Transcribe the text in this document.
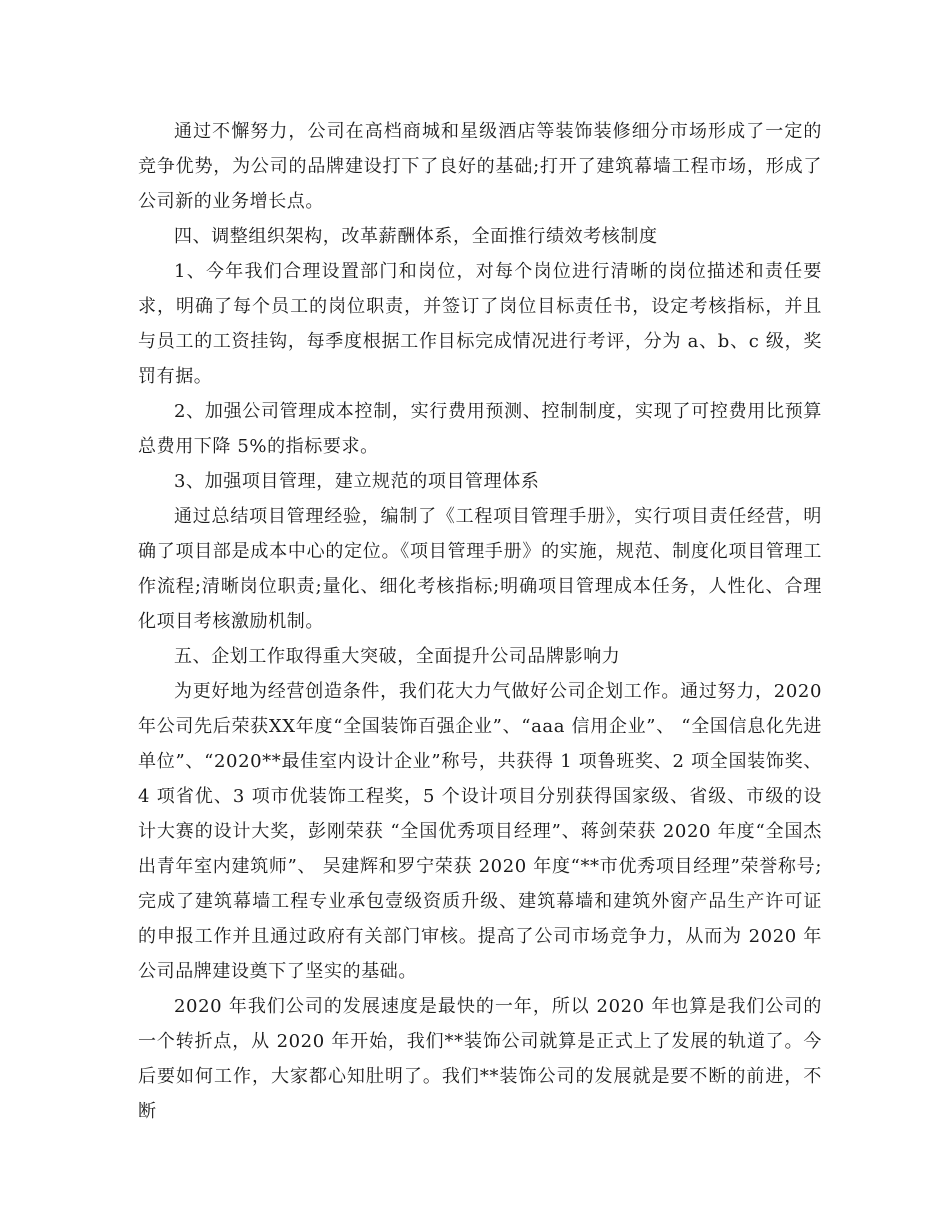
通过不懈努力，公司在高档商城和星级酒店等装饰装修细分市场形成了一定的竞争优势，为公司的品牌建设打下了良好的基础;打开了建筑幕墙工程市场，形成了公司新的业务增长点。

四、调整组织架构，改革薪酬体系，全面推行绩效考核制度

1、今年我们合理设置部门和岗位，对每个岗位进行清晰的岗位描述和责任要求，明确了每个员工的岗位职责，并签订了岗位目标责任书，设定考核指标，并且与员工的工资挂钩，每季度根据工作目标完成情况进行考评，分为 a、b、c 级，奖罚有据。

2、加强公司管理成本控制，实行费用预测、控制制度，实现了可控费用比预算总费用下降 5%的指标要求。

3、加强项目管理，建立规范的项目管理体系

通过总结项目管理经验，编制了《工程项目管理手册》，实行项目责任经营，明确了项目部是成本中心的定位。《项目管理手册》的实施，规范、制度化项目管理工作流程;清晰岗位职责;量化、细化考核指标;明确项目管理成本任务，人性化、合理化项目考核激励机制。

五、企划工作取得重大突破，全面提升公司品牌影响力

为更好地为经营创造条件，我们花大力气做好公司企划工作。通过努力，2020 年公司先后荣获XX年度“全国装饰百强企业”、“aaa 信用企业”、 “全国信息化先进单位”、“2020**最佳室内设计企业”称号，共获得 1 项鲁班奖、2 项全国装饰奖、4 项省优、3 项市优装饰工程奖，5 个设计项目分别获得国家级、省级、市级的设计大赛的设计大奖，彭刚荣获 “全国优秀项目经理”、蒋剑荣获 2020 年度“全国杰出青年室内建筑师”、 吴建辉和罗宁荣获 2020 年度“**市优秀项目经理”荣誉称号;完成了建筑幕墙工程专业承包壹级资质升级、建筑幕墙和建筑外窗产品生产许可证的申报工作并且通过政府有关部门审核。提高了公司市场竞争力，从而为 2020 年公司品牌建设奠下了坚实的基础。

2020 年我们公司的发展速度是最快的一年，所以 2020 年也算是我们公司的一个转折点，从 2020 年开始，我们**装饰公司就算是正式上了发展的轨道了。今后要如何工作，大家都心知肚明了。我们**装饰公司的发展就是要不断的前进，不断
